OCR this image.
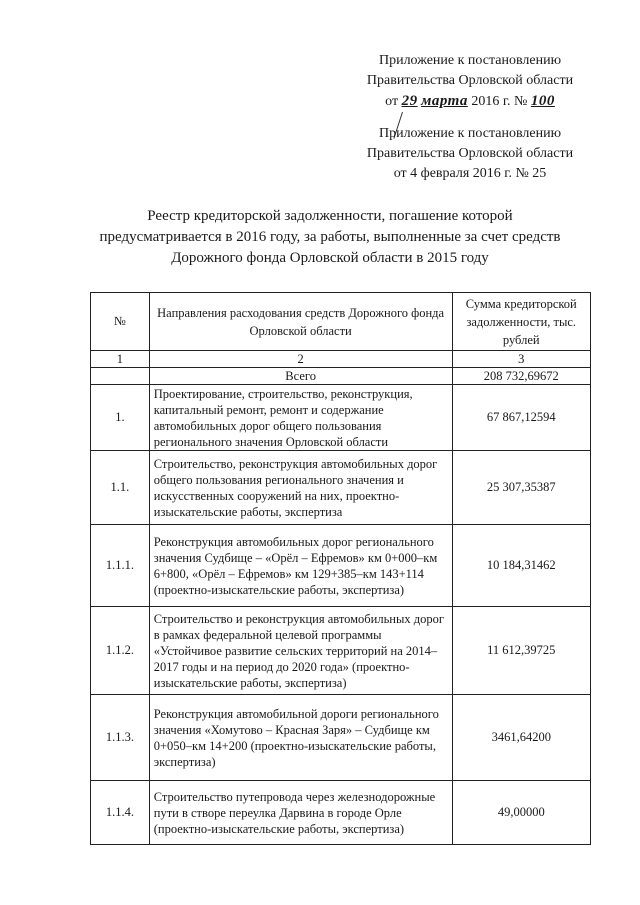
Приложение к постановлению
Правительства Орловской области
от 29 марта 2016 г. № 100
Приложение к постановлению
Правительства Орловской области
от 4 февраля 2016 г. № 25
Реестр кредиторской задолженности, погашение которой
предусматривается в 2016 году, за работы, выполненные за счет средств
Дорожного фонда Орловской области в 2015 году
№	Направления расходования средств Дорожного фонда Орловской области	Сумма кредиторской задолженности, тыс. рублей
1	2	3
	Всего	208 732,69672
1.	Проектирование, строительство, реконструкция, капитальный ремонт, ремонт и содержание автомобильных дорог общего пользования регионального значения Орловской области	67 867,12594
1.1.	Строительство, реконструкция автомобильных дорог общего пользования регионального значения и искусственных сооружений на них, проектно-изыскательские работы, экспертиза	25 307,35387
1.1.1.	Реконструкция автомобильных дорог регионального значения Судбище – «Орёл – Ефремов» км 0+000–км 6+800, «Орёл – Ефремов» км 129+385–км 143+114 (проектно-изыскательские работы, экспертиза)	10 184,31462
1.1.2.	Строительство и реконструкция автомобильных дорог в рамках федеральной целевой программы «Устойчивое развитие сельских территорий на 2014–2017 годы и на период до 2020 года» (проектно-изыскательские работы, экспертиза)	11 612,39725
1.1.3.	Реконструкция автомобильной дороги регионального значения «Хомутово – Красная Заря» – Судбище км 0+050–км 14+200 (проектно-изыскательские работы, экспертиза)	3461,64200
1.1.4.	Строительство путепровода через железнодорожные пути в створе переулка Дарвина в городе Орле (проектно-изыскательские работы, экспертиза)	49,00000
